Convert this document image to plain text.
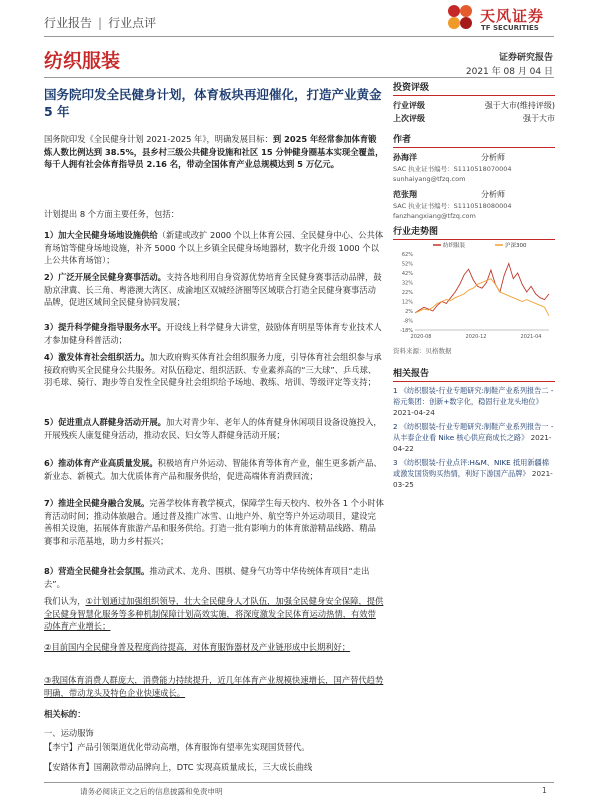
行业报告 | 行业点评	天风证券
TF SECURITIES
纺织服装	证券研究报告
2021 年 08 月 04 日
国务院印发全民健身计划，体育板块再迎催化，打造产业黄金 5 年
国务院印发《全民健身计划 2021-2025 年》，明确发展目标：到 2025 年经常参加体育锻炼人数比例达到 38.5%，县乡村三级公共健身设施和社区 15 分钟健身圈基本实现全覆盖，每千人拥有社会体育指导员 2.16 名，带动全国体育产业总规模达到 5 万亿元。
计划提出 8 个方面主要任务，包括：
1）加大全民健身场地设施供给（新建或改扩 2000 个以上体育公园、全民健身中心、公共体育场馆等健身场地设施，补齐 5000 个以上乡镇全民健身场地器材，数字化升级 1000 个以上公共体育场馆）；
2）广泛开展全民健身赛事活动。支持各地利用自身资源优势培育全民健身赛事活动品牌，鼓励京津冀、长三角、粤港澳大湾区、成渝地区双城经济圈等区域联合打造全民健身赛事活动品牌，促进区域间全民健身协同发展；
3）提升科学健身指导服务水平。开设线上科学健身大讲堂，鼓励体育明星等体育专业技术人才参加健身科普活动；
4）激发体育社会组织活力。加大政府购买体育社会组织服务力度，引导体育社会组织参与承接政府购买全民健身公共服务。对队伍稳定、组织活跃、专业素养高的“三大球”、乒乓球、羽毛球、骑行、跑步等自发性全民健身社会组织给予场地、教练、培训、等级评定等支持；
5）促进重点人群健身活动开展。加大对青少年、老年人的体育健身休闲项目设备设施投入，开展残疾人康复健身活动，推动农民、妇女等人群健身活动开展；
6）推动体育产业高质量发展。积极培育户外运动、智能体育等体育产业，催生更多新产品、新业态、新模式。加大优质体育产品和服务供给，促进高端体育消费回流；
7）推进全民健身融合发展。完善学校体育教学模式，保障学生每天校内、校外各 1 个小时体育活动时间；推动体旅融合。通过普及推广冰雪、山地户外、航空等户外运动项目，建设完善相关设施，拓展体育旅游产品和服务供给。打造一批有影响力的体育旅游精品线路、精品赛事和示范基地，助力乡村振兴；
8）营造全民健身社会氛围。推动武术、龙舟、围棋、健身气功等中华传统体育项目“走出去”。
我们认为，①计划通过加强组织领导，壮大全民健身人才队伍，加强全民健身安全保障，提供全民健身智慧化服务等多种机制保障计划高效实施，将深度激发全民体育运动热情，有效带动体育产业增长；
②目前国内全民健身普及程度尚待提高，对体育服饰器材及产业链形成中长期利好；
③我国体育消费人群庞大，消费能力持续提升，近几年体育产业规模快速增长，国产替代趋势明确，带动龙头及特色企业快速成长。
相关标的：
一、运动服饰
【李宁】产品引领渠道优化带动高增，体育服饰有望率先实现国货替代。
【安踏体育】国潮款带动品牌向上，DTC 实现高质量成长，三大成长曲线
投资评级
行业评级	强于大市(维持评级)
上次评级	强于大市
作者
孙海洋	分析师
SAC 执业证书编号：S1110518070004
sunhaiyang@tfzq.com
范张翔	分析师
SAC 执业证书编号：S1110518080004
fanzhangxiang@tfzq.com
行业走势图
62%
52%
42%
32%
22%
12%
2%
-8%
-18%
2020-08	2020-12	2021-04
纺织服装	沪深300
资料来源：贝格数据
相关报告
1 《纺织服装-行业专题研究:制鞋产业系列报告二 - 裕元集团：创新+数字化，稳固行业龙头地位》 2021-04-24
2 《纺织服装-行业专题研究:制鞋产业系列报告一 - 从丰泰企业看 Nike 核心供应商成长之路》 2021-04-22
3 《纺织服装-行业点评:H&M、NIKE 抵用新疆棉或激发国货购买热情，利好下游国产品牌》 2021-03-25
请务必阅读正文之后的信息披露和免责申明	1
